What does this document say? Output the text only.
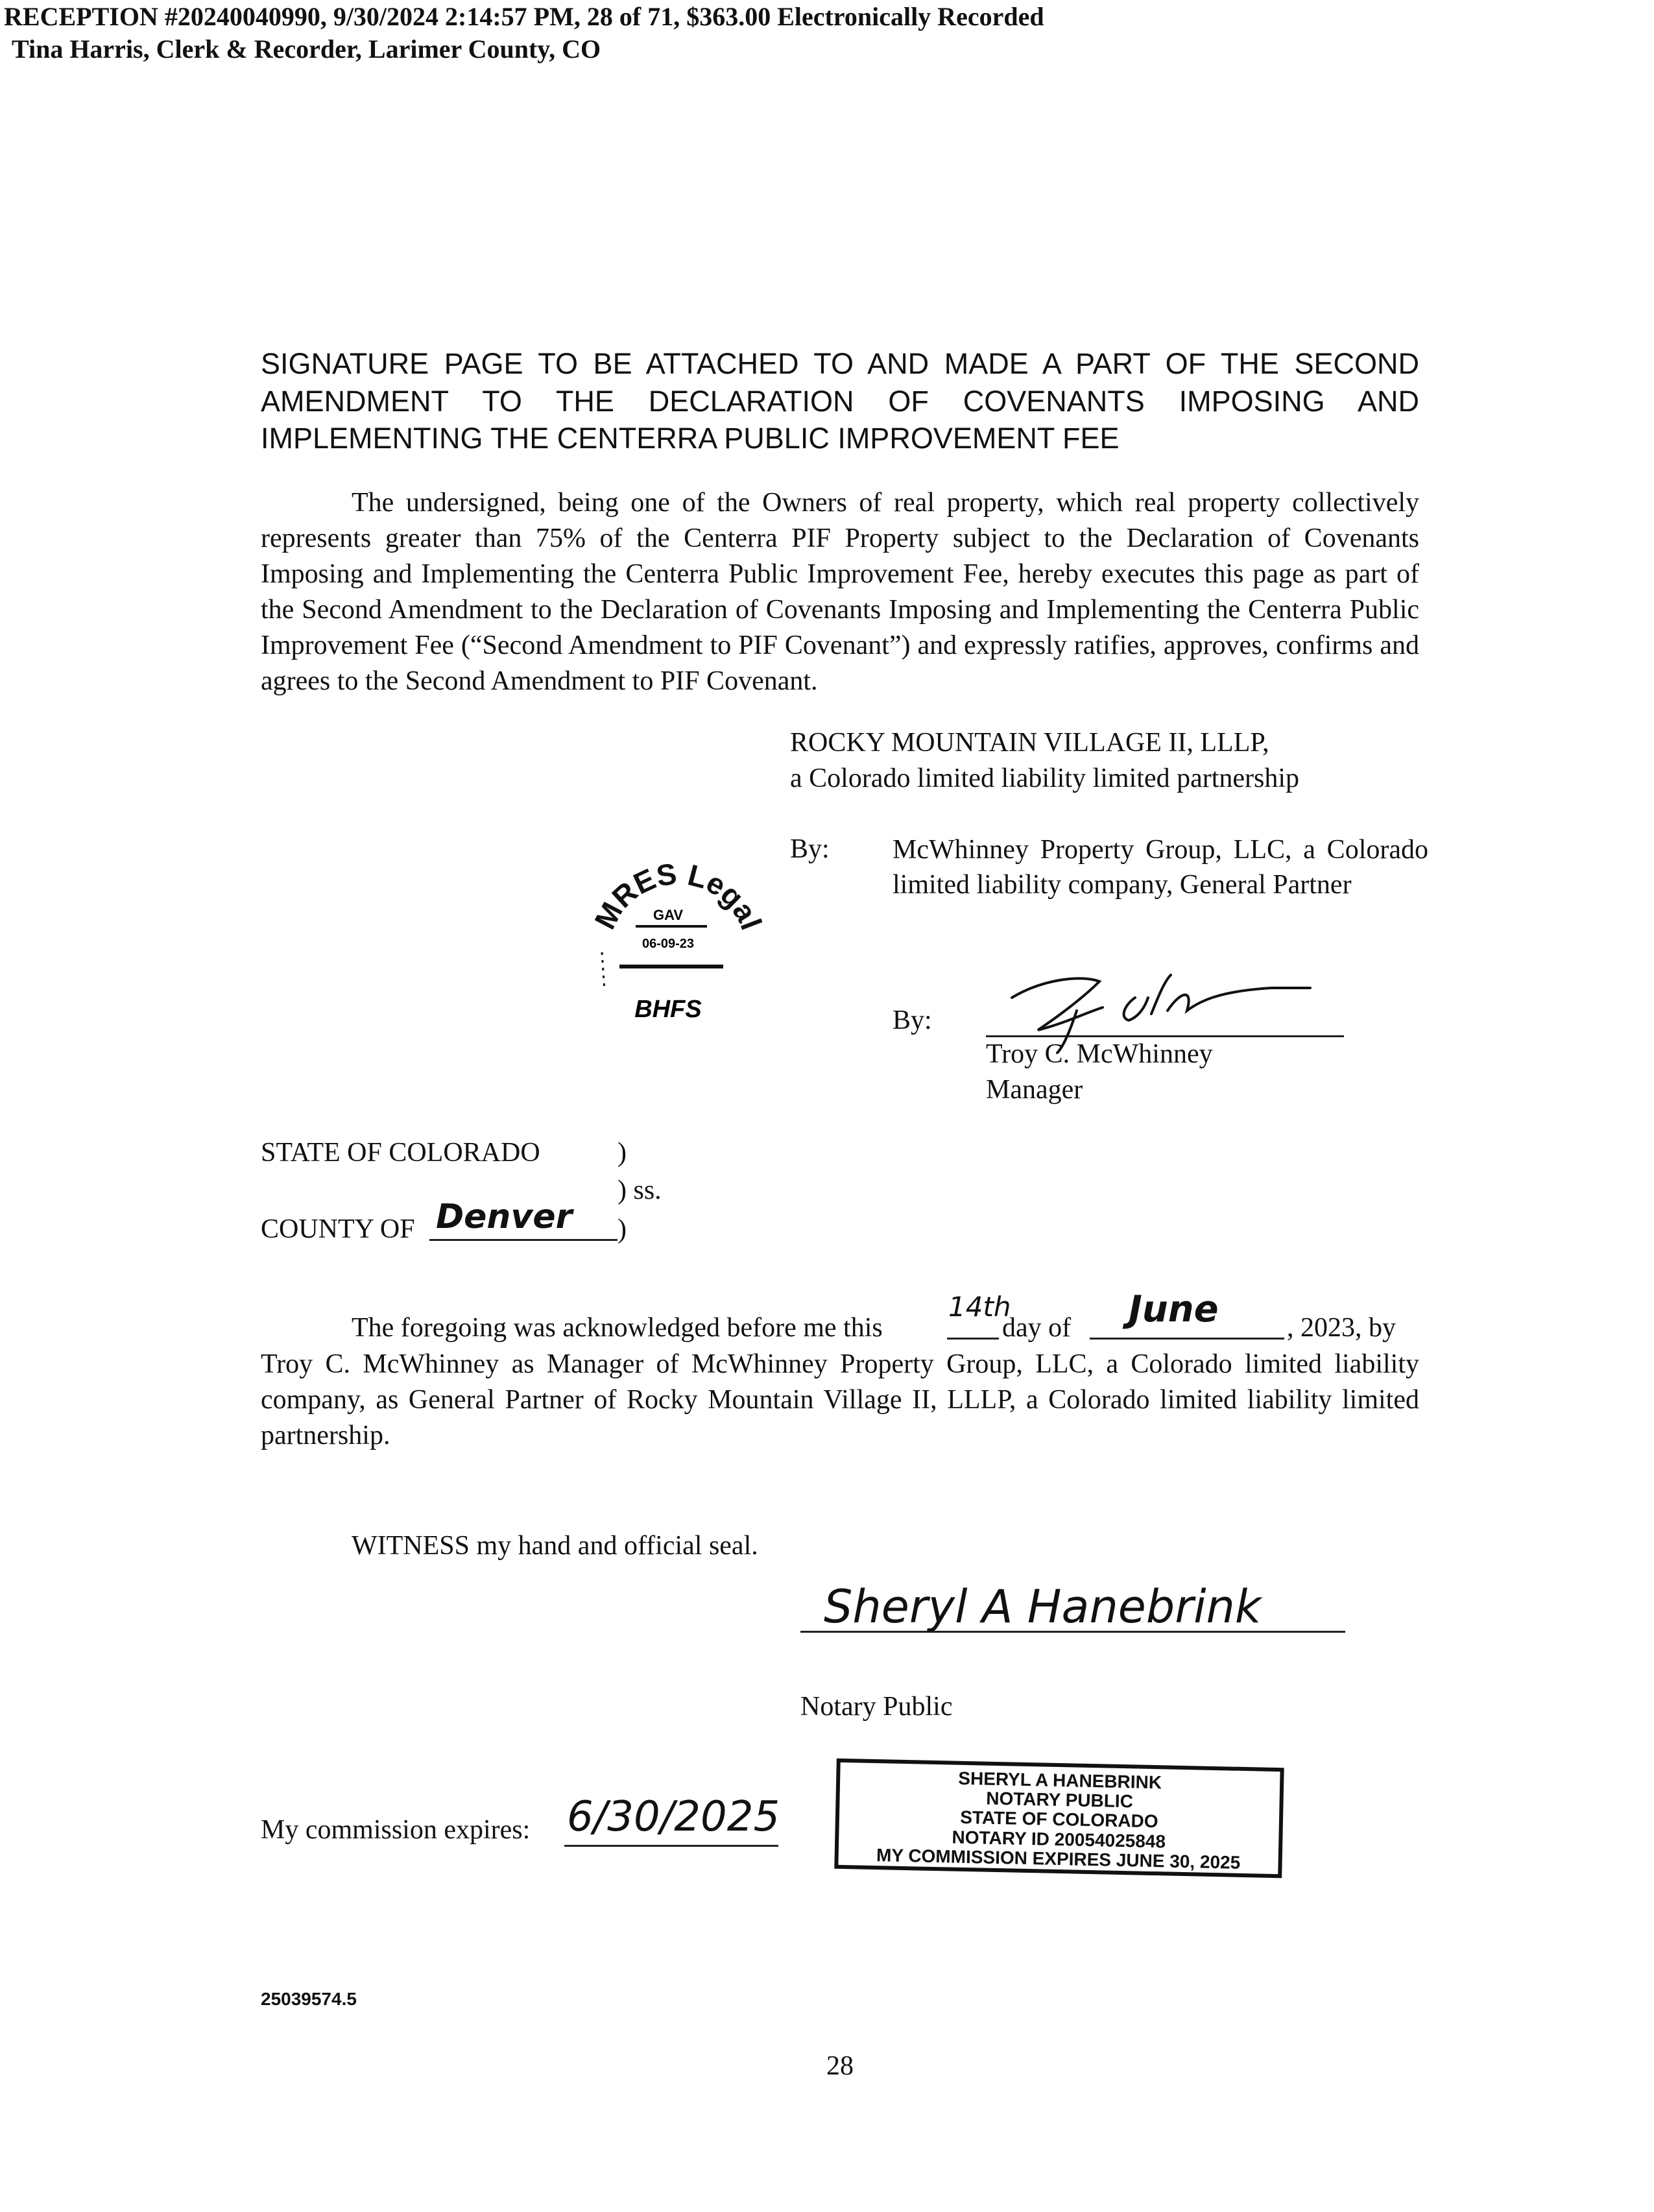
RECEPTION #20240040990, 9/30/2024 2:14:57 PM, 28 of 71, $363.00 Electronically Recorded
Tina Harris, Clerk & Recorder, Larimer County, CO
SIGNATURE PAGE TO BE ATTACHED TO AND MADE A PART OF THE SECOND AMENDMENT TO THE DECLARATION OF COVENANTS IMPOSING AND IMPLEMENTING THE CENTERRA PUBLIC IMPROVEMENT FEE
The undersigned, being one of the Owners of real property, which real property collectively represents greater than 75% of the Centerra PIF Property subject to the Declaration of Covenants Imposing and Implementing the Centerra Public Improvement Fee, hereby executes this page as part of the Second Amendment to the Declaration of Covenants Imposing and Implementing the Centerra Public Improvement Fee (“Second Amendment to PIF Covenant”) and expressly ratifies, approves, confirms and agrees to the Second Amendment to PIF Covenant.
ROCKY MOUNTAIN VILLAGE II, LLLP,
a Colorado limited liability limited partnership
By: McWhinney Property Group, LLC, a Colorado limited liability company, General Partner
By:
Troy C. McWhinney
Manager
MRES Legal
GAV
06-09-23
BHFS
STATE OF COLORADO	)
) ss.
COUNTY OF Denver )
The foregoing was acknowledged before me this
14th
day of June	, 2023, by
Troy C. McWhinney as Manager of McWhinney Property Group, LLC, a Colorado limited liability company, as General Partner of Rocky Mountain Village II, LLLP, a Colorado limited liability limited partnership.
WITNESS my hand and official seal.
Sheryl A Hanebrink
Notary Public
My commission expires: 6/30/2025
SHERYL A HANEBRINK
NOTARY PUBLIC
STATE OF COLORADO
NOTARY ID 20054025848
MY COMMISSION EXPIRES JUNE 30, 2025
25039574.5
28
